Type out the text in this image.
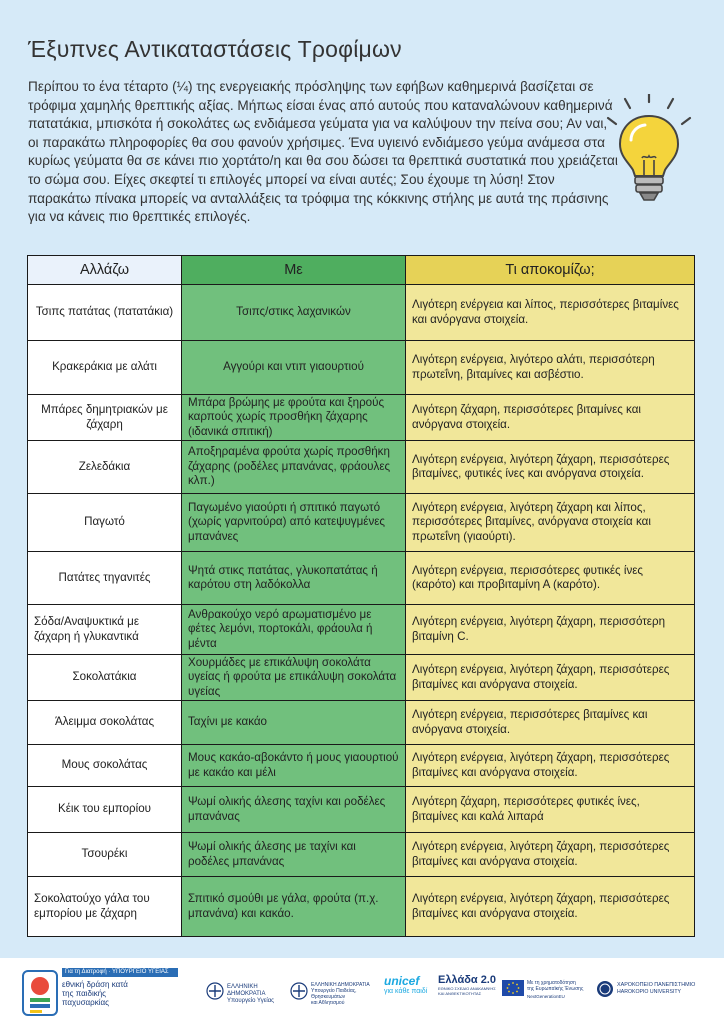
Έξυπνες Αντικαταστάσεις Τροφίμων

Περίπου το ένα τέταρτο (¼) της ενεργειακής πρόσληψης των εφήβων καθημερινά βασίζεται σε τρόφιμα χαμηλής θρεπτικής αξίας. Μήπως είσαι ένας από αυτούς που καταναλώνουν καθημερινά πατατάκια, μπισκότα ή σοκολάτες ως ενδιάμεσα γεύματα για να καλύψουν την πείνα σου; Αν ναι, οι παρακάτω πληροφορίες θα σου φανούν χρήσιμες. Ένα υγιεινό ενδιάμεσο γεύμα ανάμεσα στα κυρίως γεύματα θα σε κάνει πιο χορτάτο/η και θα σου δώσει τα θρεπτικά συστατικά που χρειάζεται το σώμα σου. Είχες σκεφτεί τι επιλογές μπορεί να είναι αυτές; Σου έχουμε τη λύση! Στον παρακάτω πίνακα μπορείς να ανταλλάξεις τα τρόφιμα της κόκκινης στήλης με αυτά της πράσινης για να κάνεις πιο θρεπτικές επιλογές.

Αλλάζω	Με	Τι αποκομίζω;
Τσιπς πατάτας (πατατάκια)	Τσιπς/στικς λαχανικών	Λιγότερη ενέργεια και λίπος, περισσότερες βιταμίνες και ανόργανα στοιχεία.
Κρακεράκια με αλάτι	Αγγούρι και ντιπ γιαουρτιού	Λιγότερη ενέργεια, λιγότερο αλάτι, περισσότερη πρωτεΐνη, βιταμίνες και ασβέστιο.
Μπάρες δημητριακών με ζάχαρη	Μπάρα βρώμης με φρούτα και ξηρούς καρπούς χωρίς προσθήκη ζάχαρης (ιδανικά σπιτική)	Λιγότερη ζάχαρη, περισσότερες βιταμίνες και ανόργανα στοιχεία.
Ζελεδάκια	Αποξηραμένα φρούτα χωρίς προσθήκη ζάχαρης (ροδέλες μπανάνας, φράουλες κλπ.)	Λιγότερη ενέργεια, λιγότερη ζάχαρη, περισσότερες βιταμίνες, φυτικές ίνες και ανόργανα στοιχεία.
Παγωτό	Παγωμένο γιαούρτι ή σπιτικό παγωτό (χωρίς γαρνιτούρα) από κατεψυγμένες μπανάνες	Λιγότερη ενέργεια, λιγότερη ζάχαρη και λίπος, περισσότερες βιταμίνες, ανόργανα στοιχεία και πρωτεΐνη (γιαούρτι).
Πατάτες τηγανιτές	Ψητά στικς πατάτας, γλυκοπατάτας ή καρότου στη λαδόκολλα	Λιγότερη ενέργεια, περισσότερες φυτικές ίνες (καρότο) και προβιταμίνη Α (καρότο).
Σόδα/Αναψυκτικά με ζάχαρη ή γλυκαντικά	Ανθρακούχο νερό αρωματισμένο με φέτες λεμόνι, πορτοκάλι, φράουλα ή μέντα	Λιγότερη ενέργεια, λιγότερη ζάχαρη, περισσότερη βιταμίνη C.
Σοκολατάκια	Χουρμάδες με επικάλυψη σοκολάτα υγείας ή φρούτα με επικάλυψη σοκολάτα υγείας	Λιγότερη ενέργεια, λιγότερη ζάχαρη, περισσότερες βιταμίνες και ανόργανα στοιχεία.
Άλειμμα σοκολάτας	Ταχίνι με κακάο	Λιγότερη ενέργεια, περισσότερες βιταμίνες και ανόργανα στοιχεία.
Μους σοκολάτας	Μους κακάο-αβοκάντο ή μους γιαουρτιού με κακάο και μέλι	Λιγότερη ενέργεια, λιγότερη ζάχαρη, περισσότερες βιταμίνες και ανόργανα στοιχεία.
Κέικ του εμπορίου	Ψωμί ολικής άλεσης ταχίνι και ροδέλες μπανάνας	Λιγότερη ζάχαρη, περισσότερες φυτικές ίνες, βιταμίνες και καλά λιπαρά
Τσουρέκι	Ψωμί ολικής άλεσης με ταχίνι και ροδέλες μπανάνας	Λιγότερη ενέργεια, λιγότερη ζάχαρη, περισσότερες βιταμίνες και ανόργανα στοιχεία.
Σοκολατούχο γάλα του εμπορίου με ζάχαρη	Σπιτικό σμούθι με γάλα, φρούτα (π.χ. μπανάνα) και κακάο.	Λιγότερη ενέργεια, λιγότερη ζάχαρη, περισσότερες βιταμίνες και ανόργανα στοιχεία.
Για τη Διατροφή · ΥΠΟΥΡΓΕΙΟ ΥΓΕΙΑΣ
εθνική δράση κατά της παιδικής παχυσαρκίας
ΕΛΛΗΝΙΚΗ ΔΗΜΟΚΡΑΤΙΑ
Υπουργείο Υγείας
ΕΛΛΗΝΙΚΗ ΔΗΜΟΚΡΑΤΙΑ
Υπουργείο Παιδείας, Θρησκευμάτων
και Αθλητισμού
unicef
για κάθε παιδί
Ελλάδα 2.0
ΕΘΝΙΚΟ ΣΧΕΔΙΟ ΑΝΑΚΑΜΨΗΣ
ΚΑΙ ΑΝΘΕΚΤΙΚΟΤΗΤΑΣ
Με τη χρηματοδότηση
της Ευρωπαϊκής Ένωσης
NextGenerationEU
ΧΑΡΟΚΟΠΕΙΟ ΠΑΝΕΠΙΣΤΗΜΙΟ
HAROKOPIO UNIVERSITY
